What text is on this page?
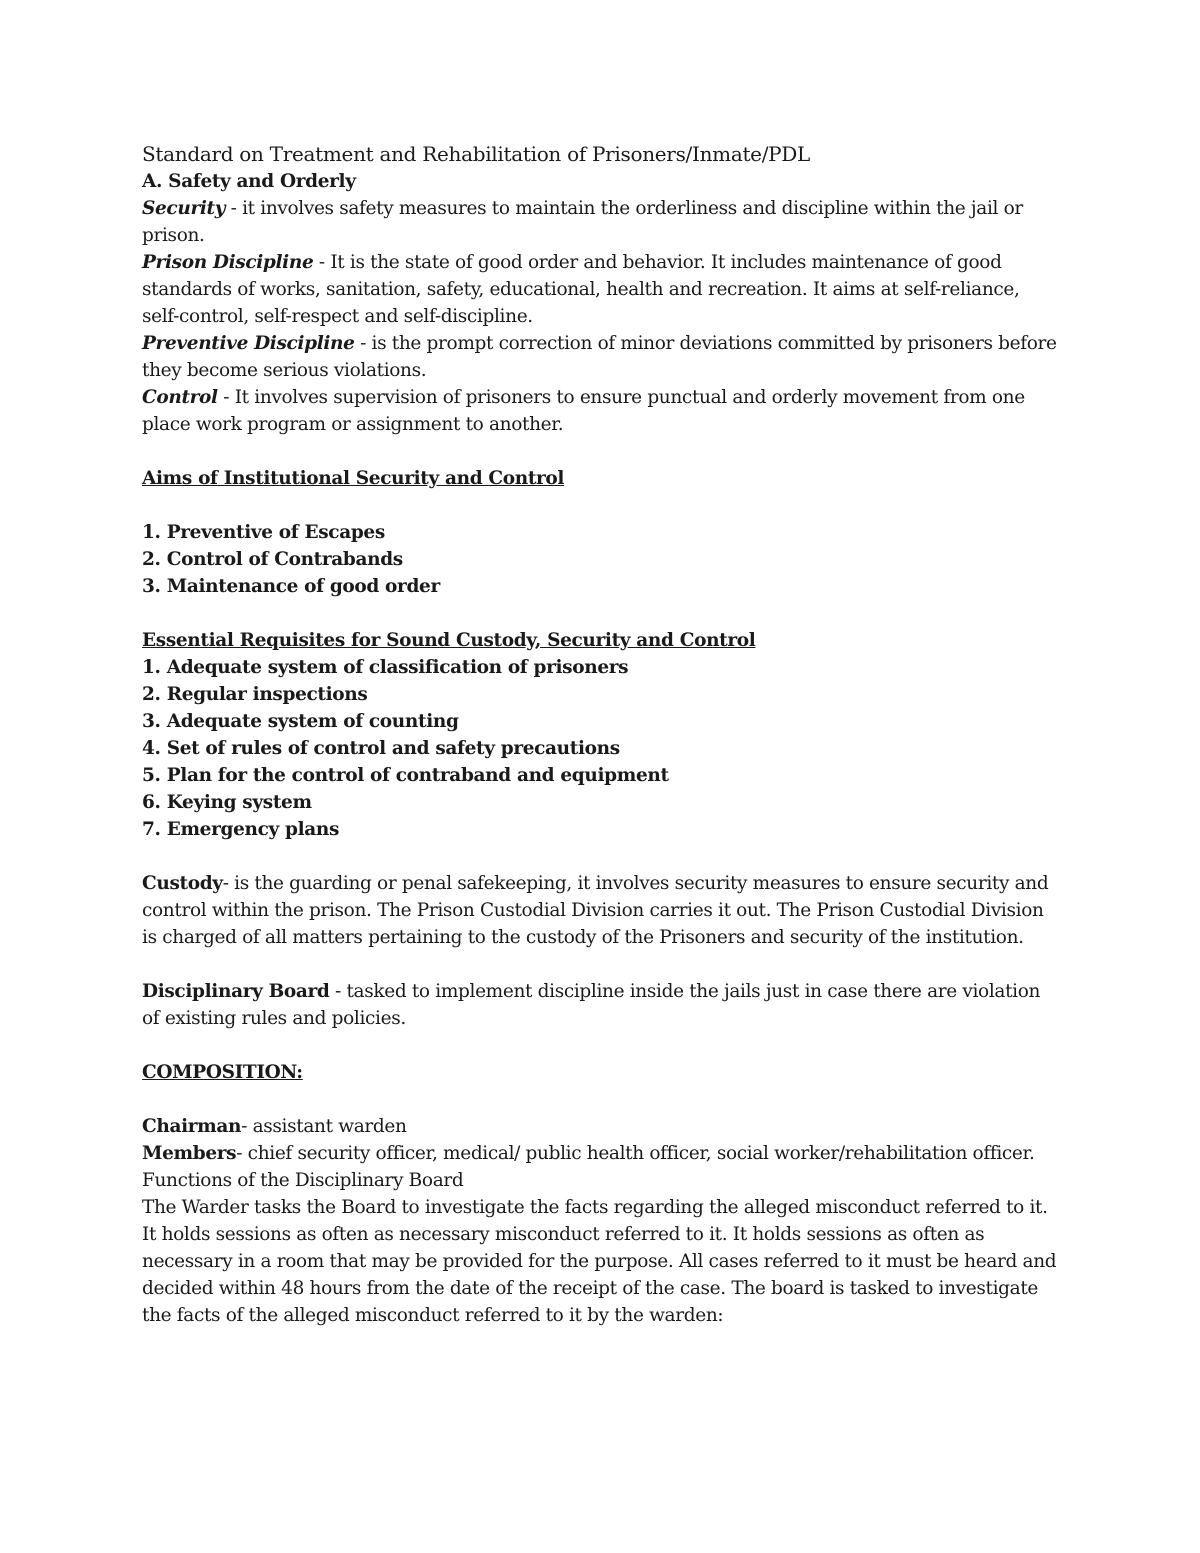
Standard on Treatment and Rehabilitation of Prisoners/Inmate/PDL

A. Safety and Orderly

Security - it involves safety measures to maintain the orderliness and discipline within the jail or prison.

Prison Discipline - It is the state of good order and behavior. It includes maintenance of good standards of works, sanitation, safety, educational, health and recreation. It aims at self-reliance, self-control, self-respect and self-discipline.

Preventive Discipline - is the prompt correction of minor deviations committed by prisoners before they become serious violations.

Control - It involves supervision of prisoners to ensure punctual and orderly movement from one place work program or assignment to another.

Aims of Institutional Security and Control

1. Preventive of Escapes

2. Control of Contrabands

3. Maintenance of good order

Essential Requisites for Sound Custody, Security and Control

1. Adequate system of classification of prisoners

2. Regular inspections

3. Adequate system of counting

4. Set of rules of control and safety precautions

5. Plan for the control of contraband and equipment

6. Keying system

7. Emergency plans

Custody- is the guarding or penal safekeeping, it involves security measures to ensure security and control within the prison. The Prison Custodial Division carries it out. The Prison Custodial Division is charged of all matters pertaining to the custody of the Prisoners and security of the institution.

Disciplinary Board - tasked to implement discipline inside the jails just in case there are violation of existing rules and policies.

COMPOSITION:

Chairman- assistant warden

Members- chief security officer, medical/ public health officer, social worker/rehabilitation officer.

Functions of the Disciplinary Board

The Warder tasks the Board to investigate the facts regarding the alleged misconduct referred to it. It holds sessions as often as necessary misconduct referred to it. It holds sessions as often as necessary in a room that may be provided for the purpose. All cases referred to it must be heard and decided within 48 hours from the date of the receipt of the case. The board is tasked to investigate the facts of the alleged misconduct referred to it by the warden:
